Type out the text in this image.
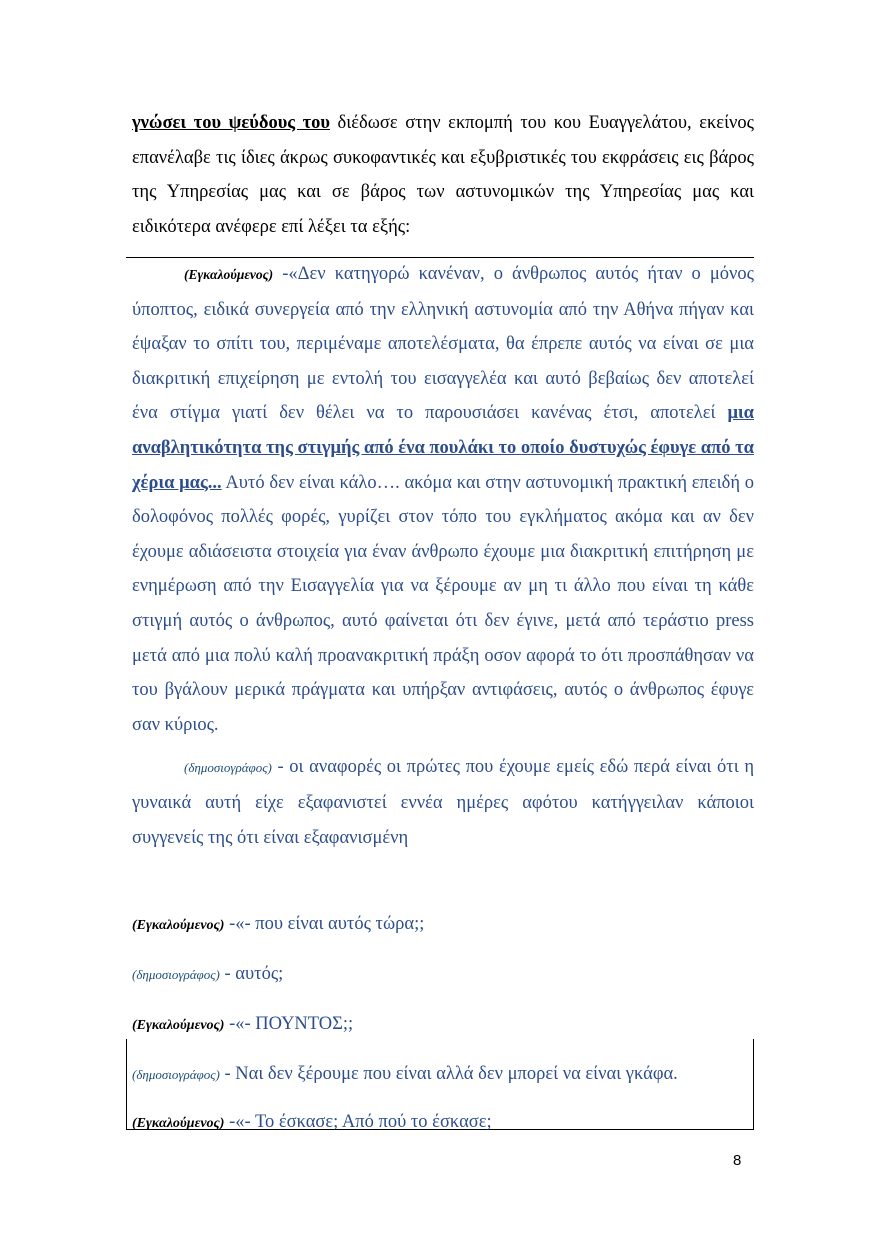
γνώσει του ψεύδους του διέδωσε στην εκπομπή του κου Ευαγγελάτου, εκείνος επανέλαβε τις ίδιες άκρως συκοφαντικές και εξυβριστικές του εκφράσεις εις βάρος της Υπηρεσίας μας και σε βάρος των αστυνομικών της Υπηρεσίας μας και ειδικότερα ανέφερε επί λέξει τα εξής:

(Εγκαλούμενος) -«Δεν κατηγορώ κανέναν, ο άνθρωπος αυτός ήταν ο μόνος ύποπτος, ειδικά συνεργεία από την ελληνική αστυνομία από την Αθήνα πήγαν και έψαξαν το σπίτι του, περιμέναμε αποτελέσματα, θα έπρεπε αυτός να είναι σε μια διακριτική επιχείρηση με εντολή του εισαγγελέα και αυτό βεβαίως δεν αποτελεί ένα στίγμα γιατί δεν θέλει να το παρουσιάσει κανένας έτσι, αποτελεί μια αναβλητικότητα της στιγμής από ένα πουλάκι το οποίο δυστυχώς έφυγε από τα χέρια μας... Αυτό δεν είναι κάλο…. ακόμα και στην αστυνομική πρακτική επειδή ο δολοφόνος πολλές φορές, γυρίζει στον τόπο του εγκλήματος ακόμα και αν δεν έχουμε αδιάσειστα στοιχεία για έναν άνθρωπο έχουμε μια διακριτική επιτήρηση με ενημέρωση από την Εισαγγελία για να ξέρουμε αν μη τι άλλο που είναι τη κάθε στιγμή αυτός ο άνθρωπος, αυτό φαίνεται ότι δεν έγινε, μετά από τεράστιο press μετά από μια πολύ καλή προανακριτική πράξη οσον αφορά το ότι προσπάθησαν να του βγάλουν μερικά πράγματα και υπήρξαν αντιφάσεις, αυτός ο άνθρωπος έφυγε σαν κύριος.

(δημοσιογράφος) - οι αναφορές οι πρώτες που έχουμε εμείς εδώ περά είναι ότι η γυναικά αυτή είχε εξαφανιστεί εννέα ημέρες αφότου κατήγγειλαν κάποιοι συγγενείς της ότι είναι εξαφανισμένη

(Εγκαλούμενος) -«- που είναι αυτός τώρα;;
(δημοσιογράφος) - αυτός;
(Εγκαλούμενος) -«- ΠΟΥΝΤΟΣ;;
(δημοσιογράφος) - Ναι δεν ξέρουμε που είναι αλλά δεν μπορεί να είναι γκάφα.
(Εγκαλούμενος) -«- Το έσκασε; Από πού το έσκασε;
8
